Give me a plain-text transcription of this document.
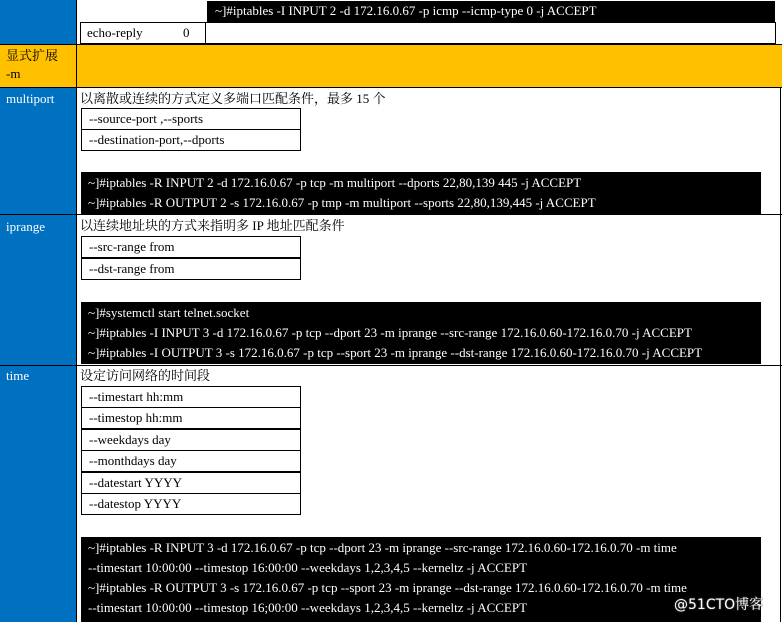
~]#iptables -I INPUT 2 -d 172.16.0.67 -p icmp --icmp-type 0 -j ACCEPT
echo-reply	0
显式扩展
-m
multiport 以离散或连续的方式定义多端口匹配条件，最多 15 个
--source-port ,--sports
--destination-port,--dports
~]#iptables -R INPUT 2 -d 172.16.0.67 -p tcp -m multiport --dports 22,80,139 445 -j ACCEPT
~]#iptables -R OUTPUT 2 -s 172.16.0.67 -p tmp -m multiport --sports 22,80,139,445 -j ACCEPT
iprange	以连续地址块的方式来指明多 IP 地址匹配条件
--src-range from
--dst-range from
~]#systemctl start telnet.socket
~]#iptables -I INPUT 3 -d 172.16.0.67 -p tcp --dport 23 -m iprange --src-range 172.16.0.60-172.16.0.70 -j ACCEPT
~]#iptables -I OUTPUT 3 -s 172.16.0.67 -p tcp --sport 23 -m iprange --dst-range 172.16.0.60-172.16.0.70 -j ACCEPT
time	设定访问网络的时间段
--timestart hh:mm
--timestop hh:mm
--weekdays day
--monthdays day
--datestart YYYY
--datestop YYYY
~]#iptables -R INPUT 3 -d 172.16.0.67 -p tcp --dport 23 -m iprange --src-range 172.16.0.60-172.16.0.70 -m time
--timestart 10:00:00 --timestop 16:00:00 --weekdays 1,2,3,4,5 --kerneltz -j ACCEPT
~]#iptables -R OUTPUT 3 -s 172.16.0.67 -p tcp --sport 23 -m iprange --dst-range 172.16.0.60-172.16.0.70 -m time
--timestart 10:00:00 --timestop 16;00:00 --weekdays 1,2,3,4,5 --kerneltz -j ACCEPT	@51CTO博客
